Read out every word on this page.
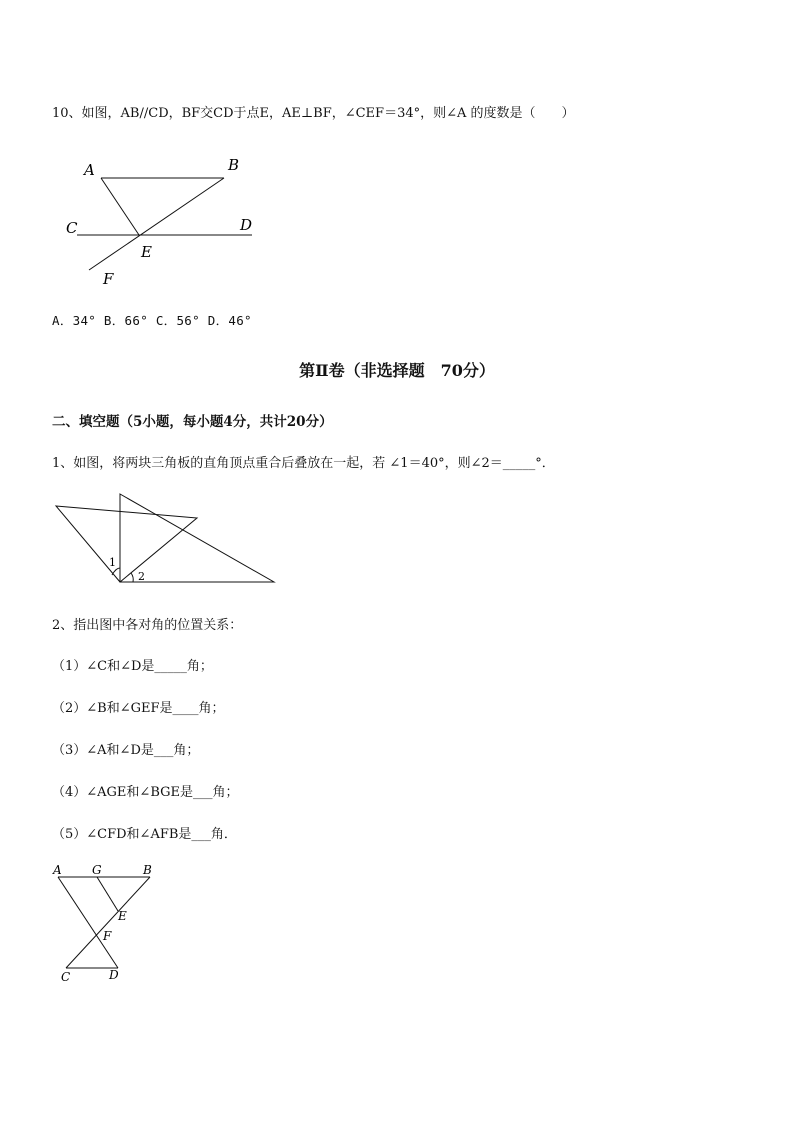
10、如图，AB//CD，BF交CD于点E，AE⊥BF，∠CEF＝34°，则∠A 的度数是（　　）
A	B
C	D
E
F
A．34° B．66° C．56° D．46°
第Ⅱ卷（非选择题　70分）
二、填空题（5小题，每小题4分，共计20分）
1、如图，将两块三角板的直角顶点重合后叠放在一起，若 ∠1＝40°，则∠2＝_____°．
1
2
2、指出图中各对角的位置关系：
（1）∠C和∠D是_____角；
（2）∠B和∠GEF是____角；
（3）∠A和∠D是___角；
（4）∠AGE和∠BGE是___角；
（5）∠CFD和∠AFB是___角．
A	G	B
E
F
C	D
